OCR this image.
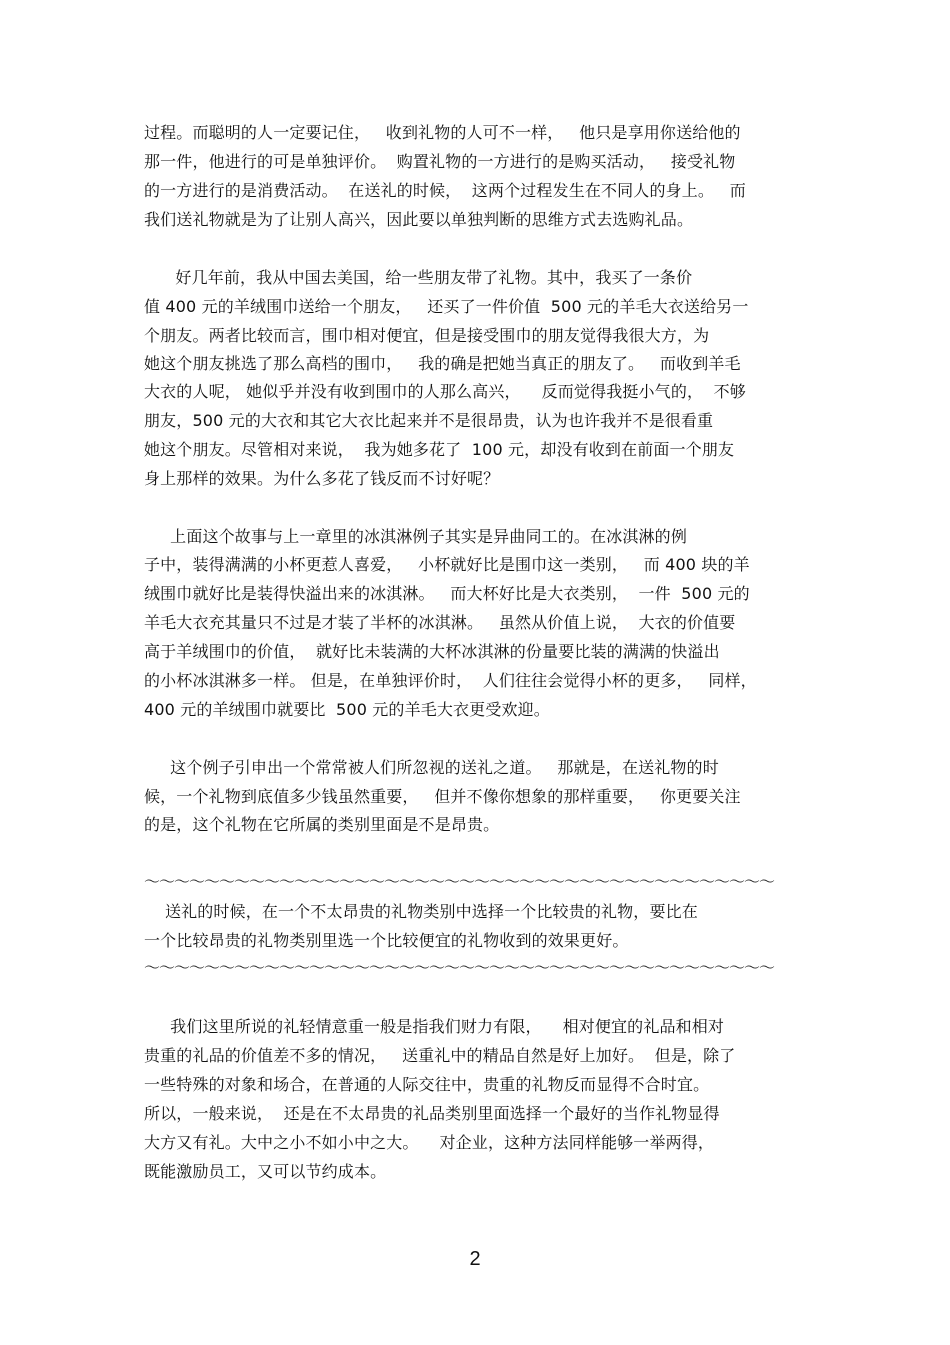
过程。而聪明的人一定要记住，   收到礼物的人可不一样，   他只是享用你送给他的
那一件，他进行的可是单独评价。  购置礼物的一方进行的是购买活动，   接受礼物
的一方进行的是消费活动。  在送礼的时候，  这两个过程发生在不同人的身上。   而
我们送礼物就是为了让别人高兴，因此要以单独判断的思维方式去选购礼品。
好几年前，我从中国去美国，给一些朋友带了礼物。其中，我买了一条价
值 400 元的羊绒围巾送给一个朋友，   还买了一件价值  500 元的羊毛大衣送给另一
个朋友。两者比较而言，围巾相对便宜，但是接受围巾的朋友觉得我很大方，为
她这个朋友挑选了那么高档的围巾，   我的确是把她当真正的朋友了。   而收到羊毛
大衣的人呢， 她似乎并没有收到围巾的人那么高兴，    反而觉得我挺小气的，  不够
朋友，500 元的大衣和其它大衣比起来并不是很昂贵，认为也许我并不是很看重
她这个朋友。尽管相对来说，  我为她多花了  100 元，却没有收到在前面一个朋友
身上那样的效果。为什么多花了钱反而不讨好呢？
上面这个故事与上一章里的冰淇淋例子其实是异曲同工的。在冰淇淋的例
子中，装得满满的小杯更惹人喜爱，   小杯就好比是围巾这一类别，   而 400 块的羊
绒围巾就好比是装得快溢出来的冰淇淋。   而大杯好比是大衣类别，  一件  500 元的
羊毛大衣充其量只不过是才装了半杯的冰淇淋。   虽然从价值上说，  大衣的价值要
高于羊绒围巾的价值，  就好比未装满的大杯冰淇淋的份量要比装的满满的快溢出
的小杯冰淇淋多一样。 但是，在单独评价时，  人们往往会觉得小杯的更多，   同样，
400 元的羊绒围巾就要比  500 元的羊毛大衣更受欢迎。
这个例子引申出一个常常被人们所忽视的送礼之道。   那就是，在送礼物的时
候，一个礼物到底值多少钱虽然重要，   但并不像你想象的那样重要，   你更要关注
的是，这个礼物在它所属的类别里面是不是昂贵。
～～～～～～～～～～～～～～～～～～～～～～～～～～～～～～～～～～～～～～～～～～
送礼的时候，在一个不太昂贵的礼物类别中选择一个比较贵的礼物，要比在
一个比较昂贵的礼物类别里选一个比较便宜的礼物收到的效果更好。
～～～～～～～～～～～～～～～～～～～～～～～～～～～～～～～～～～～～～～～～～～
我们这里所说的礼轻情意重一般是指我们财力有限，    相对便宜的礼品和相对
贵重的礼品的价值差不多的情况，   送重礼中的精品自然是好上加好。  但是，除了
一些特殊的对象和场合，在普通的人际交往中，贵重的礼物反而显得不合时宜。
所以，一般来说，  还是在不太昂贵的礼品类别里面选择一个最好的当作礼物显得
大方又有礼。大中之小不如小中之大。    对企业，这种方法同样能够一举两得，
既能激励员工，又可以节约成本。
2
